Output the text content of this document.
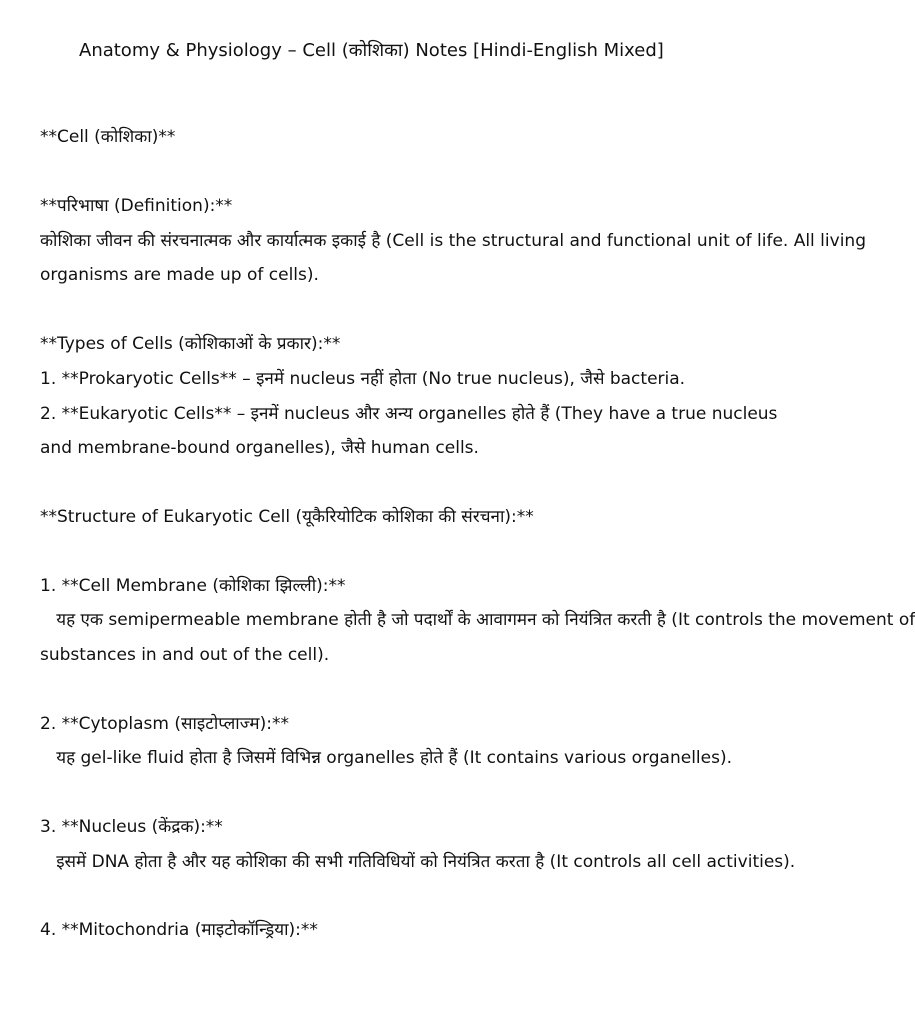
Anatomy & Physiology – Cell (कोशिका) Notes [Hindi-English Mixed]
**Cell (कोशिका)**
**परिभाषा (Definition):**
कोशिका जीवन की संरचनात्मक और कार्यात्मक इकाई है (Cell is the structural and functional unit of life. All living
organisms are made up of cells).
**Types of Cells (कोशिकाओं के प्रकार):**
1. **Prokaryotic Cells** – इनमें nucleus नहीं होता (No true nucleus), जैसे bacteria.
2. **Eukaryotic Cells** – इनमें nucleus और अन्य organelles होते हैं (They have a true nucleus
and membrane-bound organelles), जैसे human cells.
**Structure of Eukaryotic Cell (यूकैरियोटिक कोशिका की संरचना):**
1. **Cell Membrane (कोशिका झिल्ली):**
यह एक semipermeable membrane होती है जो पदार्थों के आवागमन को नियंत्रित करती है (It controls the movement of
substances in and out of the cell).
2. **Cytoplasm (साइटोप्लाज्म):**
यह gel-like fluid होता है जिसमें विभिन्न organelles होते हैं (It contains various organelles).
3. **Nucleus (केंद्रक):**
इसमें DNA होता है और यह कोशिका की सभी गतिविधियों को नियंत्रित करता है (It controls all cell activities).
4. **Mitochondria (माइटोकॉन्ड्रिया):**
